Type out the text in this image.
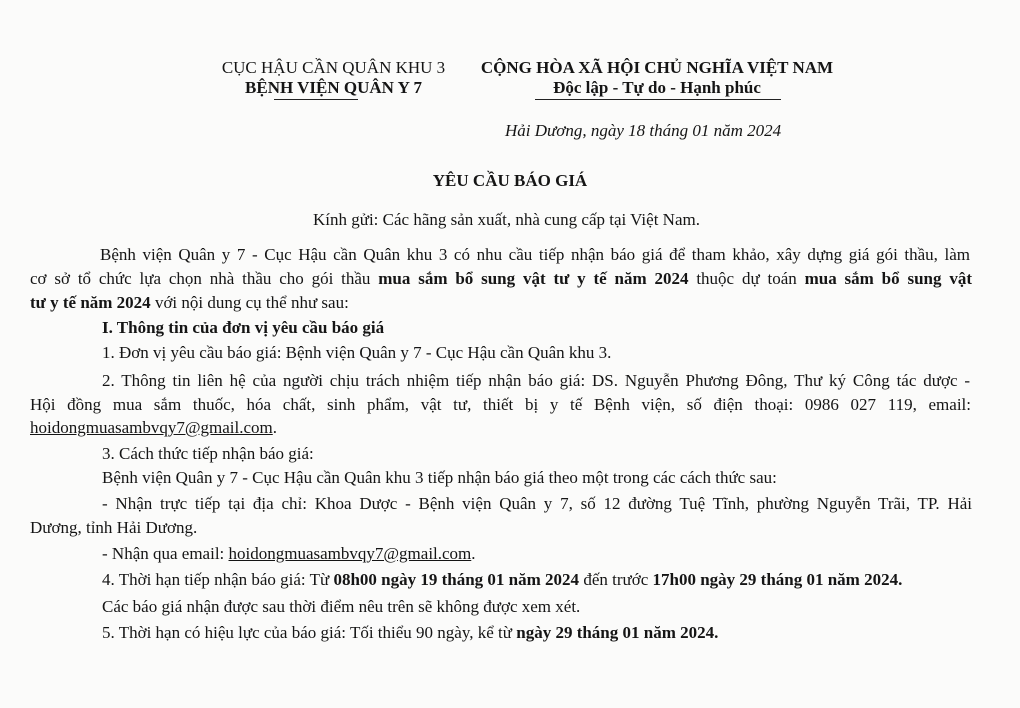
CỤC HẬU CẦN QUÂN KHU 3
BỆNH VIỆN QUÂN Y 7
CỘNG HÒA XÃ HỘI CHỦ NGHĨA VIỆT NAM
Độc lập - Tự do - Hạnh phúc
Hải Dương, ngày 18 tháng 01 năm 2024
YÊU CẦU BÁO GIÁ
Kính gửi: Các hãng sản xuất, nhà cung cấp tại Việt Nam.
Bệnh viện Quân y 7 - Cục Hậu cần Quân khu 3 có nhu cầu tiếp nhận báo giá để tham khảo, xây dựng giá gói thầu, làm
cơ sở tổ chức lựa chọn nhà thầu cho gói thầu mua sắm bổ sung vật tư y tế năm 2024 thuộc dự toán mua sắm bổ sung vật
tư y tế năm 2024 với nội dung cụ thể như sau:
I. Thông tin của đơn vị yêu cầu báo giá
1. Đơn vị yêu cầu báo giá: Bệnh viện Quân y 7 - Cục Hậu cần Quân khu 3.
2. Thông tin liên hệ của người chịu trách nhiệm tiếp nhận báo giá: DS. Nguyễn Phương Đông, Thư ký Công tác dược -
Hội đồng mua sắm thuốc, hóa chất, sinh phẩm, vật tư, thiết bị y tế Bệnh viện, số điện thoại: 0986 027 119, email:
hoidongmuasambvqy7@gmail.com.
3. Cách thức tiếp nhận báo giá:
Bệnh viện Quân y 7 - Cục Hậu cần Quân khu 3 tiếp nhận báo giá theo một trong các cách thức sau:
- Nhận trực tiếp tại địa chỉ: Khoa Dược - Bệnh viện Quân y 7, số 12 đường Tuệ Tĩnh, phường Nguyễn Trãi, TP. Hải
Dương, tỉnh Hải Dương.
- Nhận qua email: hoidongmuasambvqy7@gmail.com.
4. Thời hạn tiếp nhận báo giá: Từ 08h00 ngày 19 tháng 01 năm 2024 đến trước 17h00 ngày 29 tháng 01 năm 2024.
Các báo giá nhận được sau thời điểm nêu trên sẽ không được xem xét.
5. Thời hạn có hiệu lực của báo giá: Tối thiểu 90 ngày, kể từ ngày 29 tháng 01 năm 2024.
